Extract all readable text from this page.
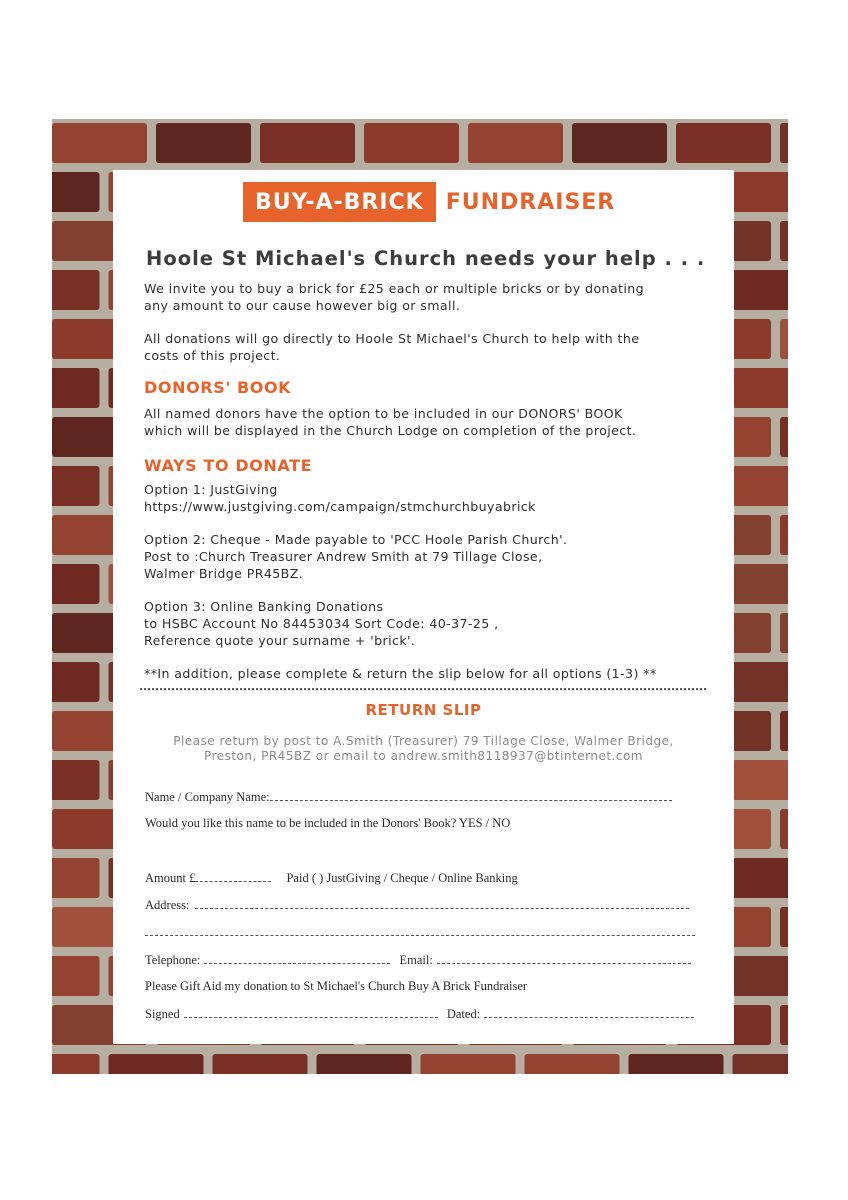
BUY-A-BRICK	FUNDRAISER
Hoole St Michael's Church needs your help . . .
We invite you to buy a brick for £25 each or multiple bricks or by donating
any amount to our cause however big or small.
All donations will go directly to Hoole St Michael's Church to help with the
costs of this project.
DONORS' BOOK
All named donors have the option to be included in our DONORS' BOOK
which will be displayed in the Church Lodge on completion of the project.
WAYS TO DONATE
Option 1: JustGiving
https://www.justgiving.com/campaign/stmchurchbuyabrick
Option 2: Cheque - Made payable to 'PCC Hoole Parish Church'.
Post to :Church Treasurer Andrew Smith at 79 Tillage Close,
Walmer Bridge PR45BZ.
Option 3: Online Banking Donations
to HSBC Account No 84453034 Sort Code: 40-37-25 ,
Reference quote your surname + 'brick'.
**In addition, please complete & return the slip below for all options (1-3) **
RETURN SLIP
Please return by post to A.Smith (Treasurer) 79 Tillage Close, Walmer Bridge,
Preston, PR45BZ or email to andrew.smith8118937@btinternet.com
Name / Company Name:
Would you like this name to be included in the Donors' Book? YES / NO
Amount £	Paid ( ) JustGiving / Cheque / Online Banking
Address:
Telephone:	Email:
Please Gift Aid my donation to St Michael's Church Buy A Brick Fundraiser
Signed	Dated:
